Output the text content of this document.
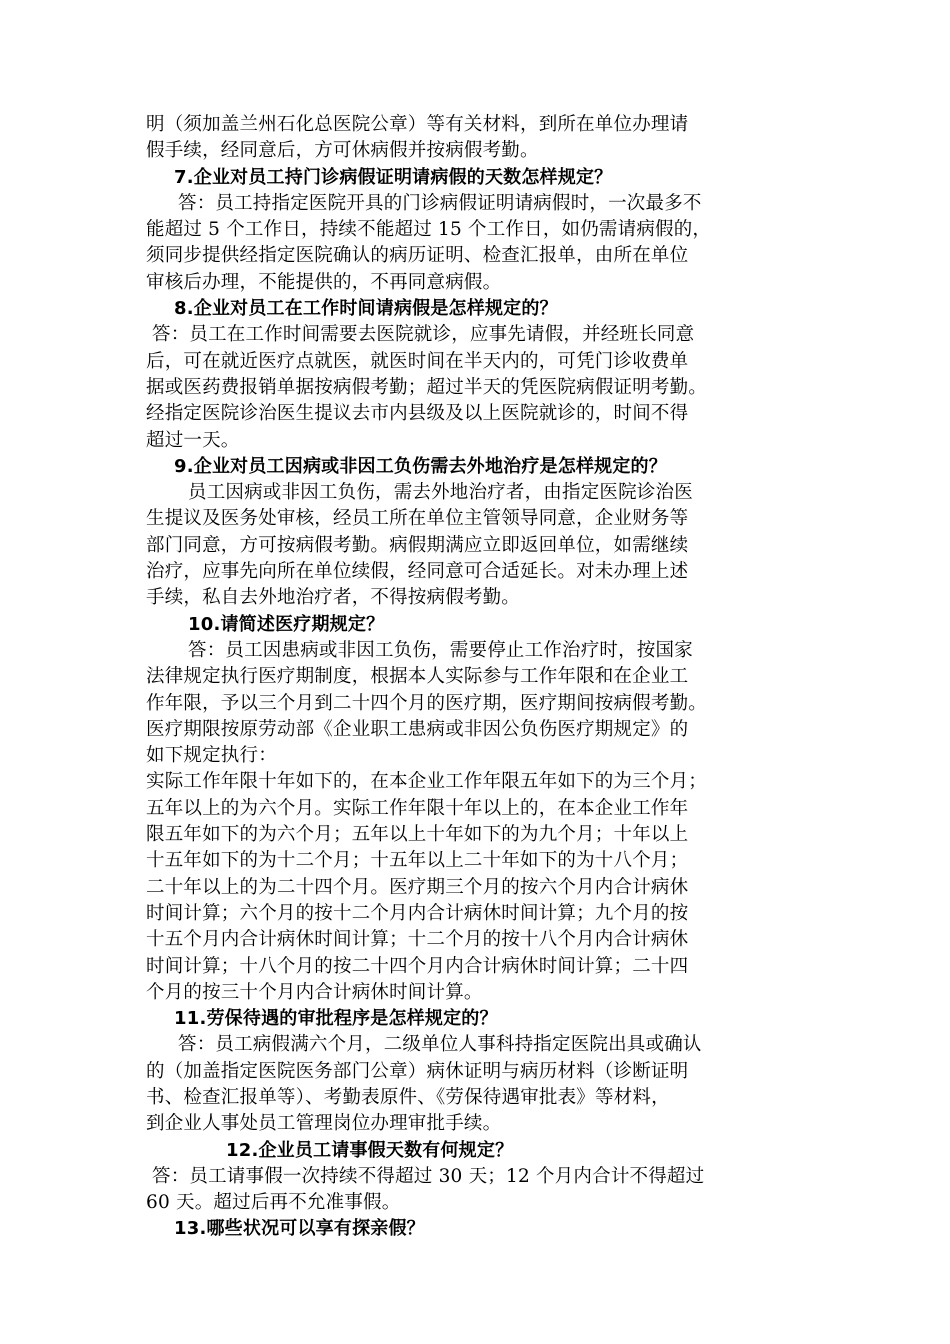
明（须加盖兰州石化总医院公章）等有关材料，到所在单位办理请
假手续，经同意后，方可休病假并按病假考勤。
7.企业对员工持门诊病假证明请病假的天数怎样规定？
答：员工持指定医院开具的门诊病假证明请病假时，一次最多不
能超过 5 个工作日，持续不能超过 15 个工作日，如仍需请病假的，
须同步提供经指定医院确认的病历证明、检查汇报单，由所在单位
审核后办理，不能提供的，不再同意病假。
8.企业对员工在工作时间请病假是怎样规定的？
答：员工在工作时间需要去医院就诊，应事先请假，并经班长同意
后，可在就近医疗点就医，就医时间在半天内的，可凭门诊收费单
据或医药费报销单据按病假考勤；超过半天的凭医院病假证明考勤。
经指定医院诊治医生提议去市内县级及以上医院就诊的，时间不得
超过一天。
9.企业对员工因病或非因工负伤需去外地治疗是怎样规定的？
员工因病或非因工负伤，需去外地治疗者，由指定医院诊治医
生提议及医务处审核，经员工所在单位主管领导同意，企业财务等
部门同意，方可按病假考勤。病假期满应立即返回单位，如需继续
治疗，应事先向所在单位续假，经同意可合适延长。对未办理上述
手续，私自去外地治疗者，不得按病假考勤。
10.请简述医疗期规定？
答：员工因患病或非因工负伤，需要停止工作治疗时，按国家
法律规定执行医疗期制度，根据本人实际参与工作年限和在企业工
作年限，予以三个月到二十四个月的医疗期，医疗期间按病假考勤。
医疗期限按原劳动部《企业职工患病或非因公负伤医疗期规定》的
如下规定执行：
实际工作年限十年如下的，在本企业工作年限五年如下的为三个月；
五年以上的为六个月。实际工作年限十年以上的，在本企业工作年
限五年如下的为六个月；五年以上十年如下的为九个月；十年以上
十五年如下的为十二个月；十五年以上二十年如下的为十八个月；
二十年以上的为二十四个月。医疗期三个月的按六个月内合计病休
时间计算；六个月的按十二个月内合计病休时间计算；九个月的按
十五个月内合计病休时间计算；十二个月的按十八个月内合计病休
时间计算；十八个月的按二十四个月内合计病休时间计算；二十四
个月的按三十个月内合计病休时间计算。
11.劳保待遇的审批程序是怎样规定的？
答：员工病假满六个月，二级单位人事科持指定医院出具或确认
的（加盖指定医院医务部门公章）病休证明与病历材料（诊断证明
书、检查汇报单等）、考勤表原件、《劳保待遇审批表》等材料，
到企业人事处员工管理岗位办理审批手续。
12.企业员工请事假天数有何规定？
答：员工请事假一次持续不得超过 30 天；12 个月内合计不得超过
60 天。超过后再不允准事假。
13.哪些状况可以享有探亲假？
